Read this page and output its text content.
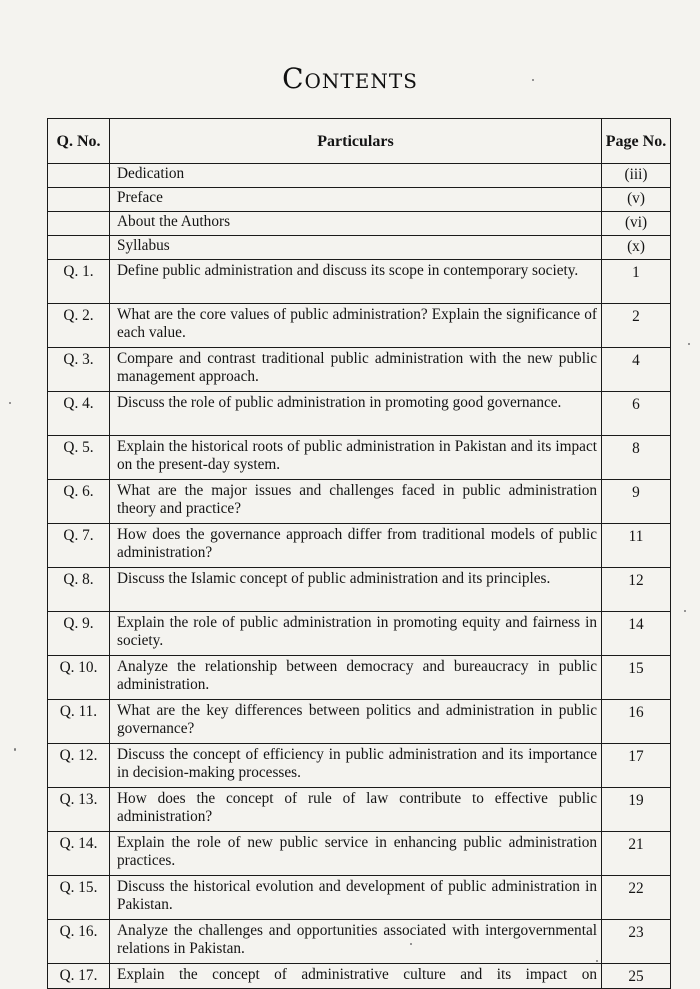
Contents
Q. No.	Particulars	Page No.
	Dedication	(iii)
	Preface	(v)
	About the Authors	(vi)
	Syllabus	(x)
Q. 1.	Define public administration and discuss its scope in contemporary society.	1
Q. 2.	What are the core values of public administration? Explain the significance of each value.	2
Q. 3.	Compare and contrast traditional public administration with the new public management approach.	4
Q. 4.	Discuss the role of public administration in promoting good governance.	6
Q. 5.	Explain the historical roots of public administration in Pakistan and its impact on the present-day system.	8
Q. 6.	What are the major issues and challenges faced in public administration theory and practice?	9
Q. 7.	How does the governance approach differ from traditional models of public administration?	11
Q. 8.	Discuss the Islamic concept of public administration and its principles.	12
Q. 9.	Explain the role of public administration in promoting equity and fairness in society.	14
Q. 10.	Analyze the relationship between democracy and bureaucracy in public administration.	15
Q. 11.	What are the key differences between politics and administration in public governance?	16
Q. 12.	Discuss the concept of efficiency in public administration and its importance in decision-making processes.	17
Q. 13.	How does the concept of rule of law contribute to effective public administration?	19
Q. 14.	Explain the role of new public service in enhancing public administration practices.	21
Q. 15.	Discuss the historical evolution and development of public administration in Pakistan.	22
Q. 16.	Analyze the challenges and opportunities associated with intergovernmental relations in Pakistan.	23
Q. 17.	Explain the concept of administrative culture and its impact on	25
